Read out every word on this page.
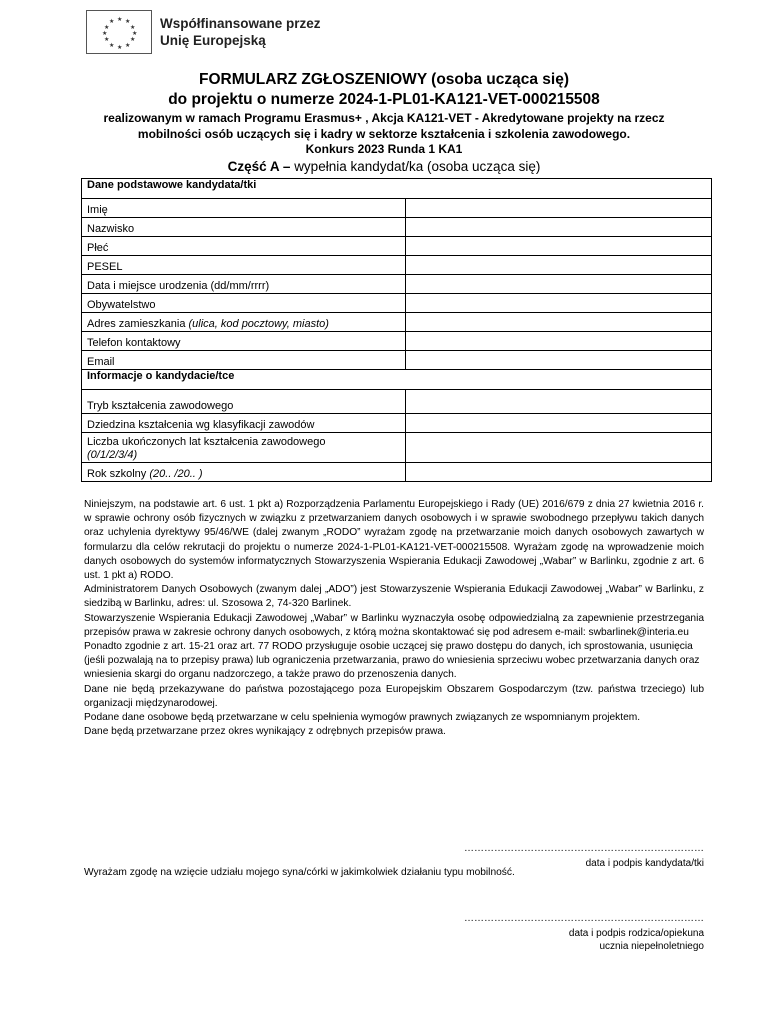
★ ★
★
★
★
★
★
★
★
★
★
★	Współfinansowane przez
Unię Europejską
FORMULARZ ZGŁOSZENIOWY (osoba ucząca się)
do projektu o numerze 2024-1-PL01-KA121-VET-000215508
realizowanym w ramach Programu Erasmus+ , Akcja KA121-VET - Akredytowane projekty na rzecz
mobilności osób uczących się i kadry w sektorze kształcenia i szkolenia zawodowego.
Konkurs 2023 Runda 1 KA1
Część A – wypełnia kandydat/ka (osoba ucząca się)
Dane podstawowe kandydata/tki	
Imię	
Nazwisko	
Płeć	
PESEL	
Data i miejsce urodzenia (dd/mm/rrrr)	
Obywatelstwo	
Adres zamieszkania (ulica, kod pocztowy, miasto)	
Telefon kontaktowy	
Email	
Informacje o kandydacie/tce	
Tryb kształcenia zawodowego	
Dziedzina kształcenia wg klasyfikacji zawodów	

Liczba ukończonych lat kształcenia zawodowego
(0/1/2/3/4)	
Rok szkolny (20.. /20.. )	

Niniejszym, na podstawie art. 6 ust. 1 pkt a) Rozporządzenia Parlamentu Europejskiego i Rady (UE) 2016/679 z dnia 27 kwietnia 2016 r. w sprawie ochrony osób fizycznych w związku z przetwarzaniem danych osobowych i w sprawie swobodnego przepływu takich danych oraz uchylenia dyrektywy 95/46/WE (dalej zwanym „RODO” wyrażam zgodę na przetwarzanie moich danych osobowych zawartych w formularzu dla celów rekrutacji do projektu o numerze 2024-1-PL01-KA121-VET-000215508. Wyrażam zgodę na wprowadzenie moich danych osobowych do systemów informatycznych Stowarzyszenia Wspierania Edukacji Zawodowej „Wabar” w Barlinku, zgodnie z art. 6 ust. 1 pkt a) RODO.

Administratorem Danych Osobowych (zwanym dalej „ADO”) jest Stowarzyszenie Wspierania Edukacji Zawodowej „Wabar” w Barlinku, z siedzibą w Barlinku, adres: ul. Szosowa 2, 74-320 Barlinek.

Stowarzyszenie Wspierania Edukacji Zawodowej „Wabar” w Barlinku wyznaczyła osobę odpowiedzialną za zapewnienie przestrzegania przepisów prawa w zakresie ochrony danych osobowych, z którą można skontaktować się pod adresem e-mail: swbarlinek@interia.eu

Ponadto zgodnie z art. 15-21 oraz art. 77 RODO przysługuje osobie uczącej się prawo dostępu do danych, ich sprostowania, usunięcia (jeśli pozwalają na to przepisy prawa) lub ograniczenia przetwarzania, prawo do wniesienia sprzeciwu wobec przetwarzania danych oraz wniesienia skargi do organu nadzorczego, a także prawo do przenoszenia danych.

Dane nie będą przekazywane do państwa pozostającego poza Europejskim Obszarem Gospodarczym (tzw. państwa trzeciego) lub organizacji międzynarodowej.

Podane dane osobowe będą przetwarzane w celu spełnienia wymogów prawnych związanych ze wspomnianym projektem.

Dane będą przetwarzane przez okres wynikający z odrębnych przepisów prawa.

………………………………………………………………
data i podpis kandydata/tki
Wyrażam zgodę na wzięcie udziału mojego syna/córki w jakimkolwiek działaniu typu mobilność.
………………………………………………………………
data i podpis rodzica/opiekuna
ucznia niepełnoletniego
